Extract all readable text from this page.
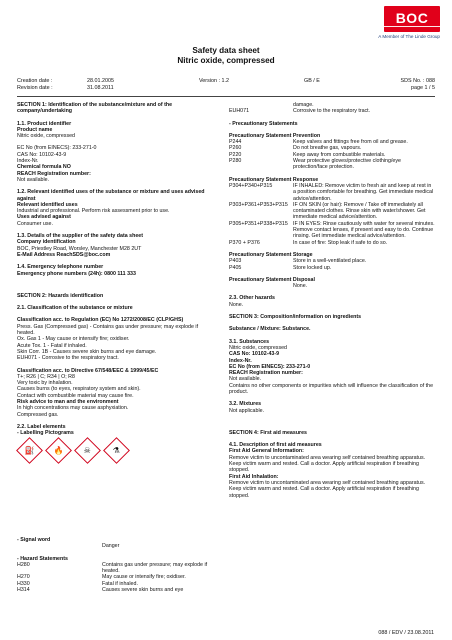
BOC
A Member of The Linde Group
Safety data sheet
Nitric oxide, compressed
Creation date :	28.01.2005	Version : 1.2	GB / E	SDS No. : 088
Revision date :	31.08.2011	page 1 / 5
SECTION 1: Identification of the substance/mixture and of the company/undertaking
1.1. Product identifier
Product name
Nitric oxide, compressed
EC No (from EINECS): 233-271-0
CAS No: 10102-43-9
Index-Nr.
Chemical formula NO
REACH Registration number:
Not available.
1.2. Relevant identified uses of the substance or mixture and uses advised against
Relevant identified uses
Industrial and professional. Perform risk assessment prior to use.
Uses advised against
Consumer use.
1.3. Details of the supplier of the safety data sheet
Company identification
BOC, Priestley Road, Worsley, Manchester M28 2UT
E-Mail Address ReachSDS@boc.com
1.4. Emergency telephone number
Emergency phone numbers (24h): 0800 111 333
SECTION 2: Hazards identification
2.1. Classification of the substance or mixture
Classification acc. to Regulation (EC) No 1272/2008/EC (CLP/GHS)
Press. Gas (Compressed gas) - Contains gas under pressure; may explode if heated.
Ox. Gas 1 - May cause or intensify fire; oxidiser.
Acute Tox. 1 - Fatal if inhaled.
Skin Corr. 1B - Causes severe skin burns and eye damage.
EUH071 - Corrosive to the respiratory tract.
Classification acc. to Directive 67/548/EEC & 1999/45/EC
T+; R26 | C; R34 | O; R8
Very toxic by inhalation.
Causes burns (to eyes, respiratory system and skin).
Contact with combustible material may cause fire.
Risk advice to man and the environment
In high concentrations may cause asphyxiation.
Compressed gas.
2.2. Label elements
- Labelling Pictograms
⛽ 🔥	☠	⚗
- Signal word
Danger
- Hazard Statements
H280	Contains gas under pressure; may explode if heated.
H270	May cause or intensify fire; oxidiser.
H330	Fatal if inhaled.
H314	Causes severe skin burns and eye
damage.
EUH071	Corrosive to the respiratory tract.
- Precautionary Statements
Precautionary Statement Prevention
P244	Keep valves and fittings free from oil and grease.
P260	Do not breathe gas, vapours.
P220	Keep away from combustible materials.
P280	Wear protective gloves/protective clothing/eye protection/face protection.
Precautionary Statement Response
P304+P340+P315	IF INHALED: Remove victim to fresh air and keep at rest in a position comfortable for breathing. Get immediate medical advice/attention.
P303+P361+P353+P315 IF ON SKIN (or hair): Remove / Take off immediately all contaminated clothes. Rinse skin with water/shower. Get immediate medical advice/attention.
P305+P351+P338+P315 IF IN EYES: Rinse cautiously with water for several minutes. Remove contact lenses, if present and easy to do. Continue rinsing. Get immediate medical advice/attention.
P370 + P376	In case of fire: Stop leak if safe to do so.
Precautionary Statement Storage
P403	Store in a well-ventilated place.
P405	Store locked up.
Precautionary Statement Disposal
None.
2.3. Other hazards
None.
SECTION 3: Composition/information on ingredients
Substance / Mixture: Substance.
3.1. Substances
Nitric oxide, compressed
CAS No: 10102-43-9
Index-Nr.
EC No (from EINECS): 233-271-0
REACH Registration number:
Not available.
Contains no other components or impurities which will influence the classification of the product.
3.2. Mixtures
Not applicable.
SECTION 4: First aid measures
4.1. Description of first aid measures
First Aid General Information:
Remove victim to uncontaminated area wearing self contained breathing apparatus. Keep victim warm and rested. Call a doctor. Apply artificial respiration if breathing stopped.
First Aid Inhalation:
Remove victim to uncontaminated area wearing self contained breathing apparatus. Keep victim warm and rested. Call a doctor. Apply artificial respiration if breathing stopped.
088 / EDV / 23.08.2011
